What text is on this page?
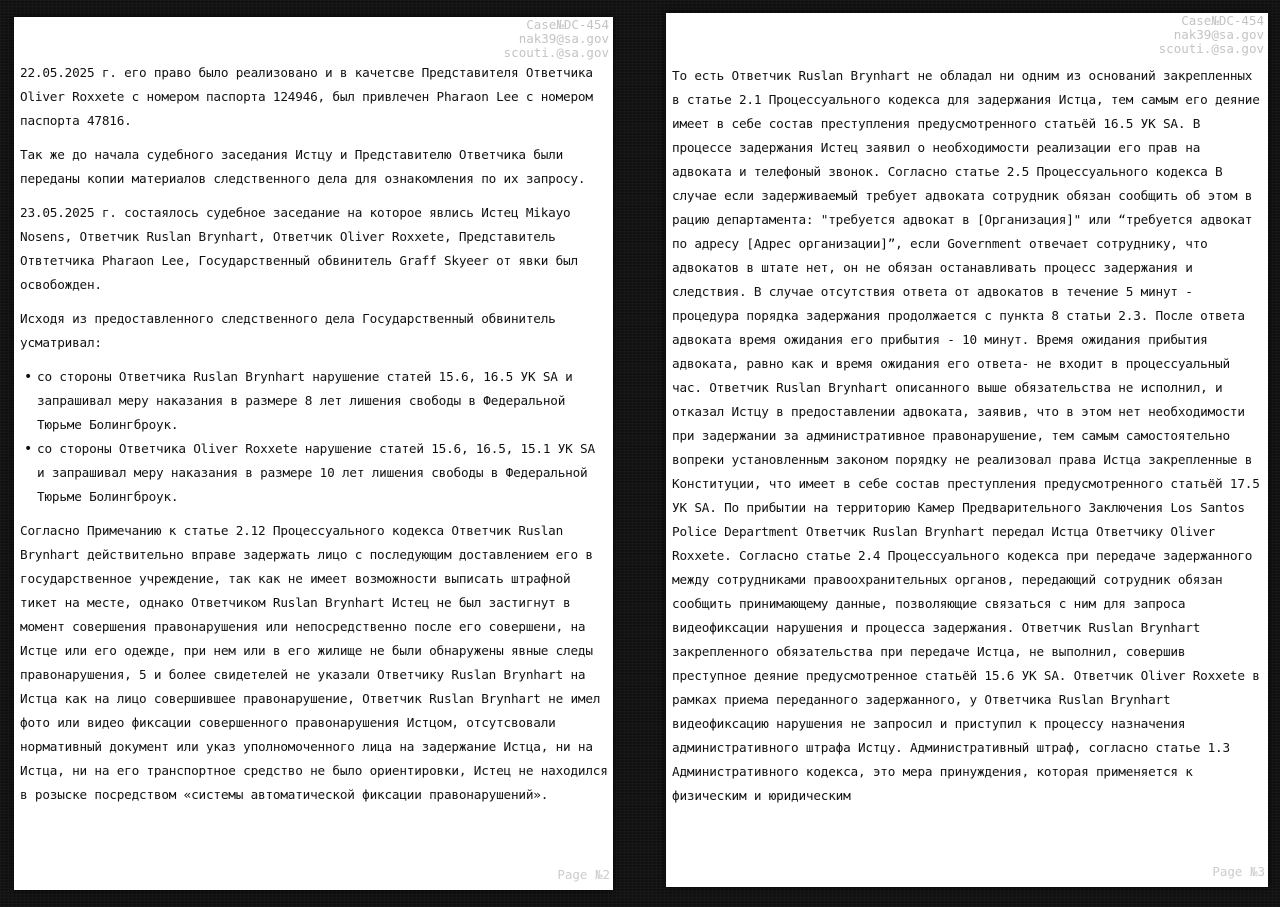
Case№DC-454
nak39@sa.gov
scouti.@sa.gov

22.05.2025 г. его право было реализовано и в качетсве Представителя Ответчика Oliver Roxxete с номером паспорта 124946, был привлечен Pharaon Lee с номером паспорта 47816.

Так же до начала судебного заседания Истцу и Представителю Ответчика были переданы копии материалов следственного дела для ознакомления по их запросу.

23.05.2025 г. состаялось судебное заседание на которое явлись Истец Mikayo Nosens, Ответчик Ruslan Brynhart, Ответчик Oliver Roxxete, Представитель Отвтетчика Pharaon Lee, Государственный обвинитель Graff Skyeer от явки был освобожден.

Исходя из предоставленного следственного дела Государственный обвинитель усматривал:

• со стороны Ответчика Ruslan Brynhart нарушение статей 15.6, 16.5 УК SA и запрашивал меру наказания в размере 8 лет лишения свободы в Федеральной Тюрьме Болингброук.
• со стороны Ответчика Oliver Roxxete нарушение статей 15.6, 16.5, 15.1 УК SA и запрашивал меру наказания в размере 10 лет лишения свободы в Федеральной Тюрьме Болингброук.

Согласно Примечанию к статье 2.12 Процессуального кодекса Ответчик Ruslan Brynhart действительно вправе задержать лицо с последующим доставлением его в государственное учреждение, так как не имеет возможности выписать штрафной тикет на месте, однако Ответчиком Ruslan Brynhart Истец не был застигнут в момент совершения правонарушения или непосредственно после его совершени, на Истце или его одежде, при нем или в его жилище не были обнаружены явные следы правонарушения, 5 и более свидетелей не указали Ответчику Ruslan Brynhart на Истца как на лицо совершившее правонарушение, Ответчик Ruslan Brynhart не имел фото или видео фиксации совершенного правонарушения Истцом, отсутсвовали нормативный документ или указ уполномоченного лица на задержание Истца, ни на Истца, ни на его транспортное средство не было ориентировки, Истец не находился в розыске посредством «системы автоматической фиксации правонарушений».

Page №2
Case№DC-454
nak39@sa.gov
scouti.@sa.gov

То есть Ответчик Ruslan Brynhart не обладал ни одним из оснований закрепленных в статье 2.1 Процессуального кодекса для задержания Истца, тем самым его деяние имеет в себе состав преступления предусмотренного статьёй 16.5 УК SA. В процессе задержания Истец заявил о необходимости реализации его прав на адвоката и телефоный звонок. Согласно статье 2.5 Процессуального кодекса В случае если задерживаемый требует адвоката сотрудник обязан сообщить об этом в рацию департамента: "требуется адвокат в [Организация]" или “требуется адвокат по адресу [Адрес организации]”, если Government отвечает сотруднику, что адвокатов в штате нет, он не обязан останавливать процесс задержания и следствия. В случае отсутствия ответа от адвокатов в течение 5 минут - процедура порядка задержания продолжается с пункта 8 статьи 2.3. После ответа адвоката время ожидания его прибытия - 10 минут. Время ожидания прибытия адвоката, равно как и время ожидания его ответа- не входит в процессуальный час. Ответчик Ruslan Brynhart описанного выше обязательства не исполнил, и отказал Истцу в предоставлении адвоката, заявив, что в этом нет необходимости при задержании за административное правонарушение, тем самым самостоятельно вопреки установленным законом порядку не реализовал права Истца закрепленные в Конституции, что имеет в себе состав преступления предусмотренного статьёй 17.5 УК SA. По прибытии на территорию Камер Предварительного Заключения Los Santos Police Department Ответчик Ruslan Brynhart передал Истца Ответчику Oliver Roxxete. Согласно статье 2.4 Процессуального кодекса при передаче задержанного между сотрудниками правоохранительных органов, передающий сотрудник обязан сообщить принимающему данные, позволяющие связаться с ним для запроса видеофиксации нарушения и процесса задержания. Ответчик Ruslan Brynhart закрепленного обязательства при передаче Истца, не выполнил, совершив преступное деяние предусмотренное статьёй 15.6 УК SA. Ответчик Oliver Roxxete в рамках приема переданного задержанного, у Ответчика Ruslan Brynhart видеофиксацию нарушения не запросил и приступил к процессу назначения административного штрафа Истцу. Административный штраф, согласно статье 1.3 Административного кодекса, это мера принуждения, которая применяется к физическим и юридическим

Page №3
